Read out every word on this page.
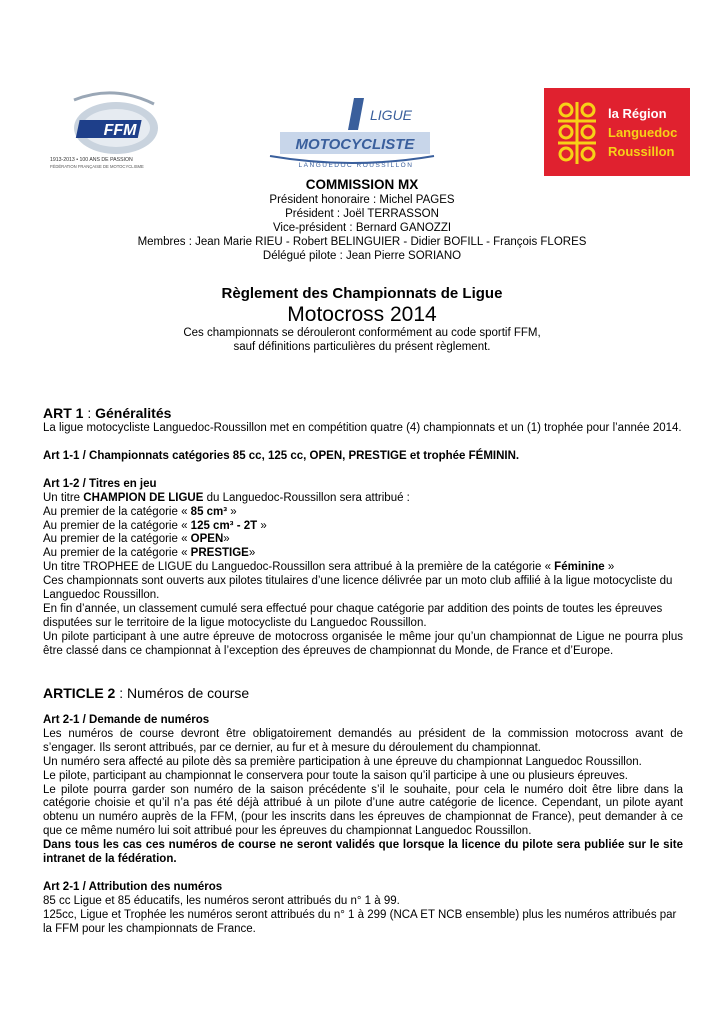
FFM
1913-2013 • 100 ANS DE PASSION
FÉDÉRATION FRANÇAISE DE MOTOCYCLISME
LIGUE
MOTOCYCLISTE
LANGUEDOC ROUSSILLON
la Région
Languedoc
Roussillon

COMMISSION MX

Président honoraire : Michel PAGES

Président : Joël TERRASSON

Vice-président : Bernard GANOZZI

Membres : Jean Marie RIEU - Robert BELINGUIER - Didier BOFILL - François FLORES

Délégué pilote : Jean Pierre SORIANO

Règlement des Championnats de Ligue

Motocross 2014

Ces championnats se dérouleront conformément au code sportif FFM,

sauf définitions particulières du présent règlement.

ART 1 : Généralités

La ligue motocycliste Languedoc-Roussillon met en compétition quatre (4) championnats et un (1) trophée pour l’année 2014.

Art 1-1 / Championnats catégories 85 cc, 125 cc, OPEN, PRESTIGE et trophée FÉMININ.

Art 1-2 / Titres en jeu

Un titre CHAMPION DE LIGUE du Languedoc-Roussillon sera attribué :

Au premier de la catégorie « 85 cm³ »

Au premier de la catégorie « 125 cm³ - 2T »

Au premier de la catégorie « OPEN»

Au premier de la catégorie « PRESTIGE»

Un titre TROPHEE de LIGUE du Languedoc-Roussillon sera attribué à la première de la catégorie « Féminine »

Ces championnats sont ouverts aux pilotes titulaires d’une licence délivrée par un moto club affilié à la ligue motocycliste du Languedoc Roussillon.

En fin d’année, un classement cumulé sera effectué pour chaque catégorie par addition des points de toutes les épreuves disputées sur le territoire de la ligue motocycliste du Languedoc Roussillon.

Un pilote participant à une autre épreuve de motocross organisée le même jour qu’un championnat de Ligue ne pourra plus être classé dans ce championnat à l’exception des épreuves de championnat du Monde, de France et d’Europe.

ARTICLE 2 : Numéros de course

Art 2-1 / Demande de numéros

Les numéros de course devront être obligatoirement demandés au président de la commission motocross avant de s’engager. Ils seront attribués, par ce dernier, au fur et à mesure du déroulement du championnat.

Un numéro sera affecté au pilote dès sa première participation à une épreuve du championnat Languedoc Roussillon.

Le pilote, participant au championnat le conservera pour toute la saison qu’il participe à une ou plusieurs épreuves.

Le pilote pourra garder son numéro de la saison précédente s’il le souhaite, pour cela le numéro doit être libre dans la catégorie choisie et qu’il n’a pas été déjà attribué à un pilote d’une autre catégorie de licence. Cependant, un pilote ayant obtenu un numéro auprès de la FFM, (pour les inscrits dans les épreuves de championnat de France), peut demander à ce que ce même numéro lui soit attribué pour les épreuves du championnat Languedoc Roussillon.

Dans tous les cas ces numéros de course ne seront validés que lorsque la licence du pilote sera publiée sur le site intranet de la fédération.

Art 2-1 / Attribution des numéros

85 cc Ligue et 85 éducatifs, les numéros seront attribués du n° 1 à 99.

125cc, Ligue et Trophée les numéros seront attribués du n° 1 à 299 (NCA ET NCB ensemble) plus les numéros attribués par la FFM pour les championnats de France.
